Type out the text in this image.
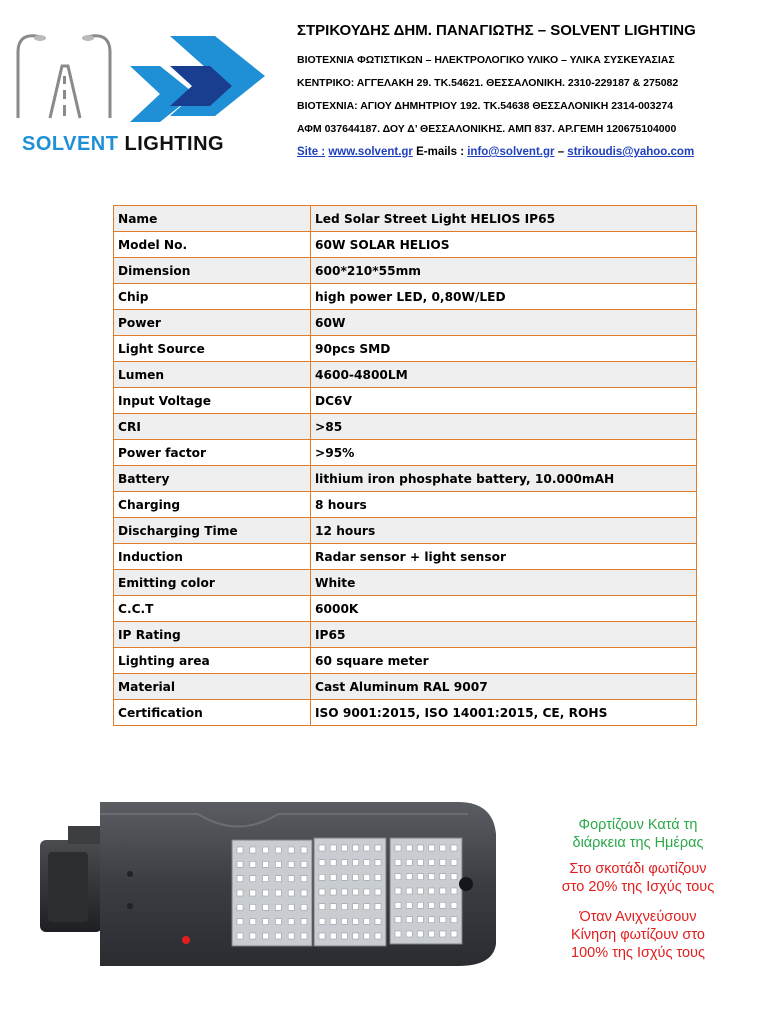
SOLVENT LIGHTING
ΣΤΡΙΚΟΥΔΗΣ ΔΗΜ. ΠΑΝΑΓΙΩΤΗΣ – SOLVENT LIGHTING
ΒΙΟΤΕΧΝΙΑ ΦΩΤΙΣΤΙΚΩΝ – ΗΛΕΚΤΡΟΛΟΓΙΚΟ ΥΛΙΚΟ – ΥΛΙΚΑ ΣΥΣΚΕΥΑΣΙΑΣ
ΚΕΝΤΡΙΚΟ: ΑΓΓΕΛΑΚΗ 29. ΤΚ.54621. ΘΕΣΣΑΛΟΝΙΚΗ. 2310-229187 & 275082
ΒΙΟΤΕΧΝΙΑ: ΑΓΙΟΥ ΔΗΜΗΤΡΙΟΥ 192. ΤΚ.54638 ΘΕΣΣΑΛΟΝΙΚΗ 2314-003274
ΑΦΜ 037644187. ΔΟΥ Δ’ ΘΕΣΣΑΛΟΝΙΚΗΣ. ΑΜΠ 837. ΑΡ.ΓΕΜΗ 120675104000
Site : www.solvent.gr E-mails : info@solvent.gr – strikoudis@yahoo.com
Name	Led Solar Street Light HELIOS IP65
Model No.	60W SOLAR HELIOS
Dimension	600*210*55mm
Chip	high power LED, 0,80W/LED
Power	60W
Light Source	90pcs SMD
Lumen	4600-4800LM
Input Voltage	DC6V
CRI	>85
Power factor	>95%
Battery	lithium iron phosphate battery, 10.000mAH
Charging	8 hours
Discharging Time	12 hours
Induction	Radar sensor + light sensor
Emitting color	White
C.C.T	6000K
IP Rating	IP65
Lighting area	60 square meter
Material	Cast Aluminum RAL 9007
Certification	ISO 9001:2015, ISO 14001:2015, CE, ROHS
Φορτίζουν Κατά τη
διάρκεια της Ημέρας
Στο σκοτάδι φωτίζουν
στο 20% της Ισχύς τους
Όταν Ανιχνεύσουν
Κίνηση φωτίζουν στο
100% της Ισχύς τους
